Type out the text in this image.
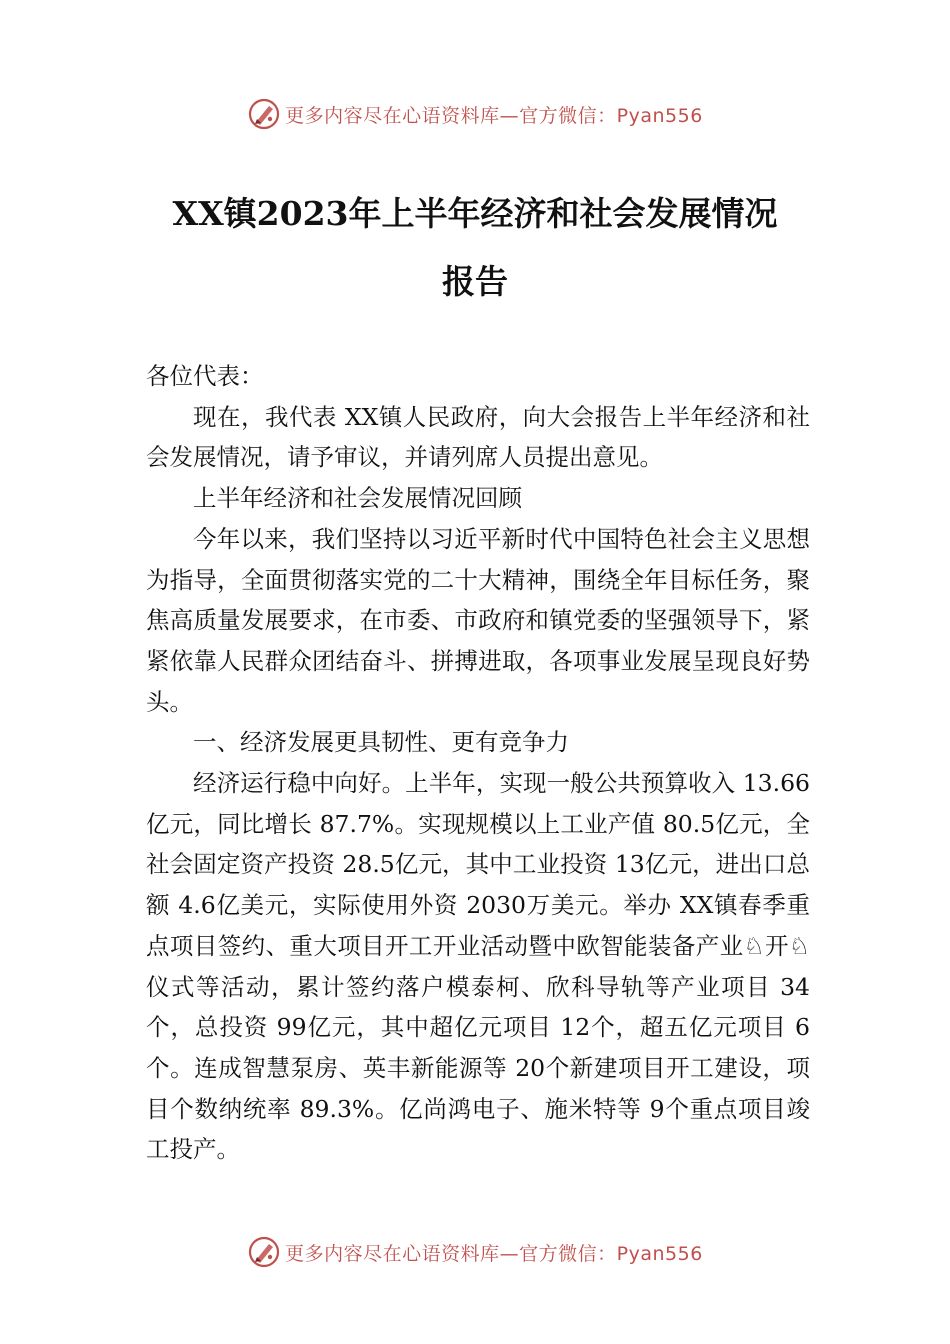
更多内容尽在心语资料库—官方微信：Pyan556
XX镇2023年上半年经济和社会发展情况
报告

各位代表：

现在，我代表 XX镇人民政府，向大会报告上半年经济和社会发展情况，请予审议，并请列席人员提出意见。

上半年经济和社会发展情况回顾

今年以来，我们坚持以习近平新时代中国特色社会主义思想为指导，全面贯彻落实党的二十大精神，围绕全年目标任务，聚焦高质量发展要求，在市委、市政府和镇党委的坚强领导下，紧紧依靠人民群众团结奋斗、拼搏进取，各项事业发展呈现良好势头。

一、经济发展更具韧性、更有竞争力

经济运行稳中向好。上半年，实现一般公共预算收入 13.66亿元，同比增长 87.7%。实现规模以上工业产值 80.5亿元，全社会固定资产投资 28.5亿元，其中工业投资 13亿元，进出口总额 4.6亿美元，实际使用外资 2030万美元。举办 XX镇春季重点项目签约、重大项目开工开业活动暨中欧智能装备产业♘开♘仪式等活动，累计签约落户模泰柯、欣科导轨等产业项目 34个，总投资 99亿元，其中超亿元项目 12个，超五亿元项目 6个。连成智慧泵房、英丰新能源等 20个新建项目开工建设，项目个数纳统率 89.3%。亿尚鸿电子、施米特等 9个重点项目竣工投产。

更多内容尽在心语资料库—官方微信：Pyan556
